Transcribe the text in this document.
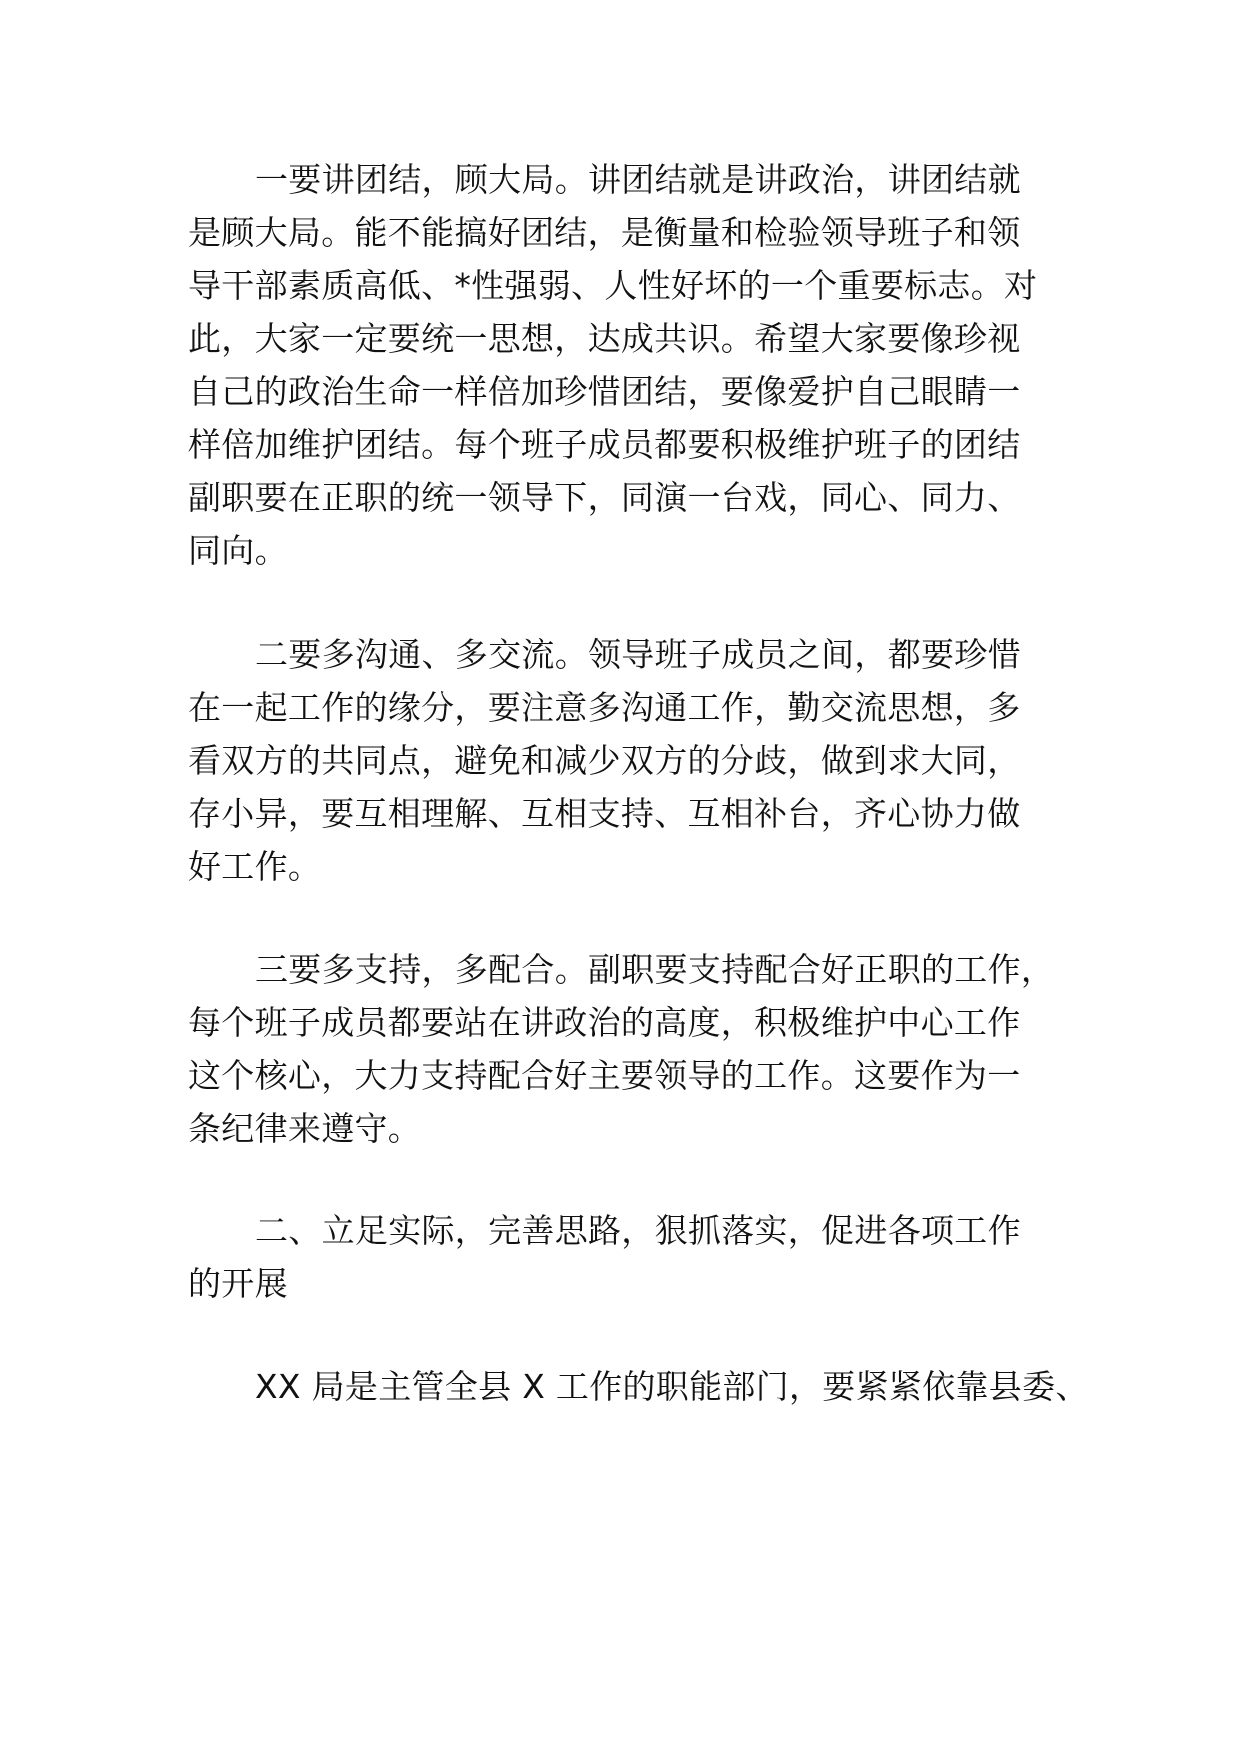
一要讲团结，顾大局。讲团结就是讲政治，讲团结就

是顾大局。能不能搞好团结，是衡量和检验领导班子和领

导干部素质高低、*性强弱、人性好坏的一个重要标志。对

此，大家一定要统一思想，达成共识。希望大家要像珍视

自己的政治生命一样倍加珍惜团结，要像爱护自己眼睛一

样倍加维护团结。每个班子成员都要积极维护班子的团结

副职要在正职的统一领导下，同演一台戏，同心、同力、

同向。

二要多沟通、多交流。领导班子成员之间，都要珍惜

在一起工作的缘分，要注意多沟通工作，勤交流思想，多

看双方的共同点，避免和减少双方的分歧，做到求大同，

存小异，要互相理解、互相支持、互相补台，齐心协力做

好工作。

三要多支持，多配合。副职要支持配合好正职的工作，

每个班子成员都要站在讲政治的高度，积极维护中心工作

这个核心，大力支持配合好主要领导的工作。这要作为一

条纪律来遵守。

二、立足实际，完善思路，狠抓落实，促进各项工作

的开展

XX 局是主管全县 X 工作的职能部门，要紧紧依靠县委、
